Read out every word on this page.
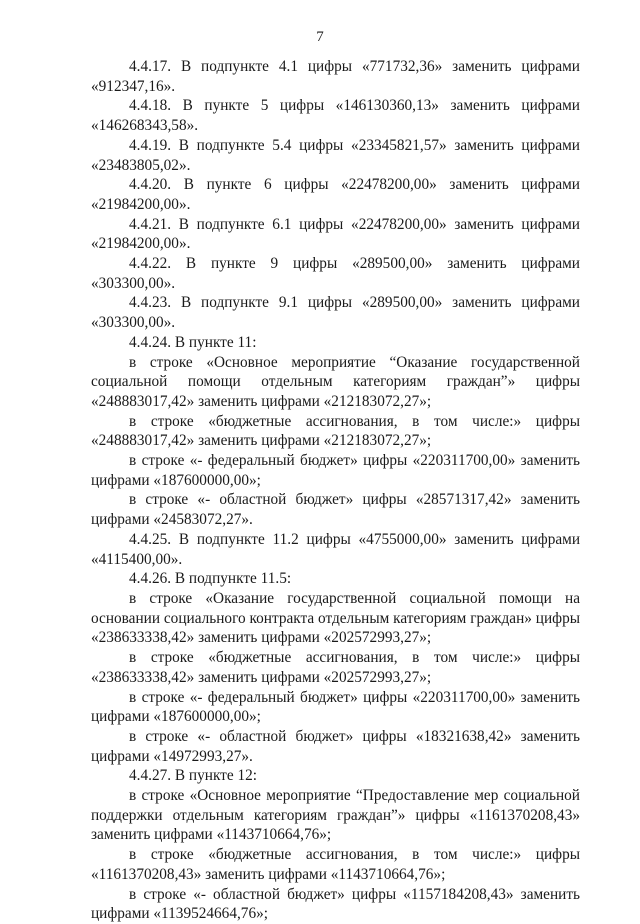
7

4.4.17. В подпункте 4.1 цифры «771732,36» заменить цифрами «912347,16».

4.4.18. В пункте 5 цифры «146130360,13» заменить цифрами «146268343,58».

4.4.19. В подпункте 5.4 цифры «23345821,57» заменить цифрами «23483805,02».

4.4.20. В пункте 6 цифры «22478200,00» заменить цифрами «21984200,00».

4.4.21. В подпункте 6.1 цифры «22478200,00» заменить цифрами «21984200,00».

4.4.22. В пункте 9 цифры «289500,00» заменить цифрами «303300,00».

4.4.23. В подпункте 9.1 цифры «289500,00» заменить цифрами «303300,00».

4.4.24. В пункте 11:

в строке «Основное мероприятие “Оказание государственной социальной помощи отдельным категориям граждан”» цифры «248883017,42» заменить цифрами «212183072,27»;

в строке «бюджетные ассигнования, в том числе:» цифры «248883017,42» заменить цифрами «212183072,27»;

в строке «- федеральный бюджет» цифры «220311700,00» заменить цифрами «187600000,00»;

в строке «- областной бюджет» цифры «28571317,42» заменить цифрами «24583072,27».

4.4.25. В подпункте 11.2 цифры «4755000,00» заменить цифрами «4115400,00».

4.4.26. В подпункте 11.5:

в строке «Оказание государственной социальной помощи на основании социального контракта отдельным категориям граждан» цифры «238633338,42» заменить цифрами «202572993,27»;

в строке «бюджетные ассигнования, в том числе:» цифры «238633338,42» заменить цифрами «202572993,27»;

в строке «- федеральный бюджет» цифры «220311700,00» заменить цифрами «187600000,00»;

в строке «- областной бюджет» цифры «18321638,42» заменить цифрами «14972993,27».

4.4.27. В пункте 12:

в строке «Основное мероприятие “Предоставление мер социальной поддержки отдельным категориям граждан”» цифры «1161370208,43» заменить цифрами «1143710664,76»;

в строке «бюджетные ассигнования, в том числе:» цифры «1161370208,43» заменить цифрами «1143710664,76»;

в строке «- областной бюджет» цифры «1157184208,43» заменить цифрами «1139524664,76»;
